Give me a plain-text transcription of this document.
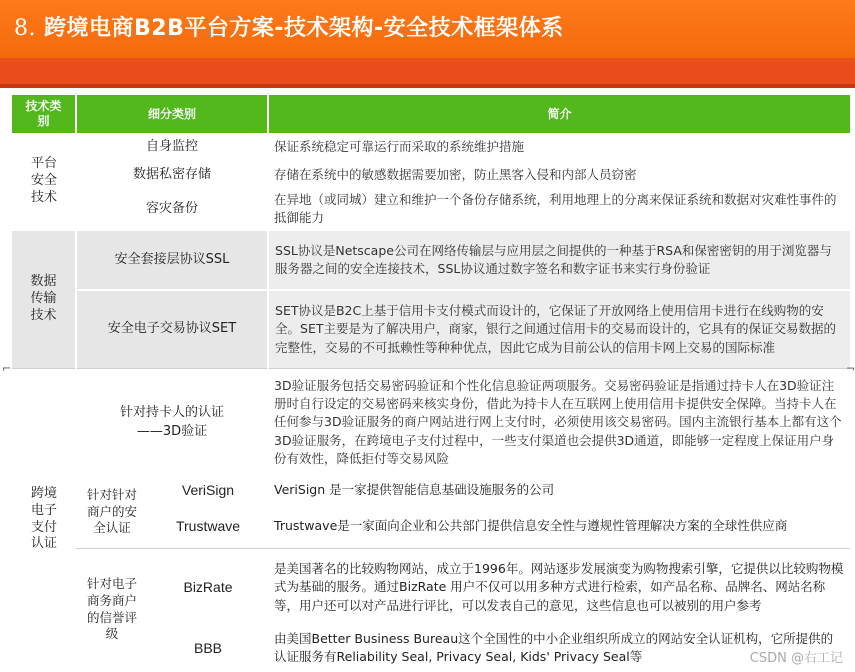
8. 跨境电商B2B平台方案-技术架构-安全技术框架体系
技术类别	细分类别		简介
平台安全技术	自身监控		保证系统稳定可靠运行而采取的系统维护措施
	数据私密存储		存储在系统中的敏感数据需要加密，防止黑客入侵和内部人员窃密
	容灾备份		在异地（或同城）建立和维护一个备份存储系统，利用地理上的分离来保证系统和数据对灾难性事件的抵御能力
数据传输技术	安全套接层协议SSL		SSL协议是Netscape公司在网络传输层与应用层之间提供的一种基于RSA和保密密钥的用于浏览器与服务器之间的安全连接技术，SSL协议通过数字签名和数字证书来实行身份验证
	安全电子交易协议SET		SET协议是B2C上基于信用卡支付模式而设计的，它保证了开放网络上使用信用卡进行在线购物的安全。SET主要是为了解决用户，商家，银行之间通过信用卡的交易而设计的，它具有的保证交易数据的完整性，交易的不可抵赖性等种种优点，因此它成为目前公认的信用卡网上交易的国际标准
跨境电子支付认证	针对持卡人的认证——3D验证		3D验证服务包括交易密码验证和个性化信息验证两项服务。交易密码验证是指通过持卡人在3D验证注册时自行设定的交易密码来核实身份，借此为持卡人在互联网上使用信用卡提供安全保障。当持卡人在任何参与3D验证服务的商户网站进行网上支付时，必须使用该交易密码。国内主流银行基本上都有这个3D验证服务，在跨境电子支付过程中，一些支付渠道也会提供3D通道，即能够一定程度上保证用户身份有效性，降低拒付等交易风险
	针对针对商户的安全认证	VeriSign	VeriSign 是一家提供智能信息基础设施服务的公司
		Trustwave	Trustwave是一家面向企业和公共部门提供信息安全性与遵规性管理解决方案的全球性供应商
	针对电子商务商户的信誉评级	BizRate	是美国著名的比较购物网站，成立于1996年。网站逐步发展演变为购物搜索引擎，它提供以比较购物模式为基础的服务。通过BizRate 用户不仅可以用多种方式进行检索，如产品名称、品牌名、网站名称等，用户还可以对产品进行评比，可以发表自己的意见，这些信息也可以被别的用户参考
		BBB	由美国Better Business Bureau这个全国性的中小企业组织所成立的网站安全认证机构，它所提供的认证服务有Reliability Seal, Privacy Seal, Kids' Privacy Seal等
⌐	¬
CSDN @右工记
